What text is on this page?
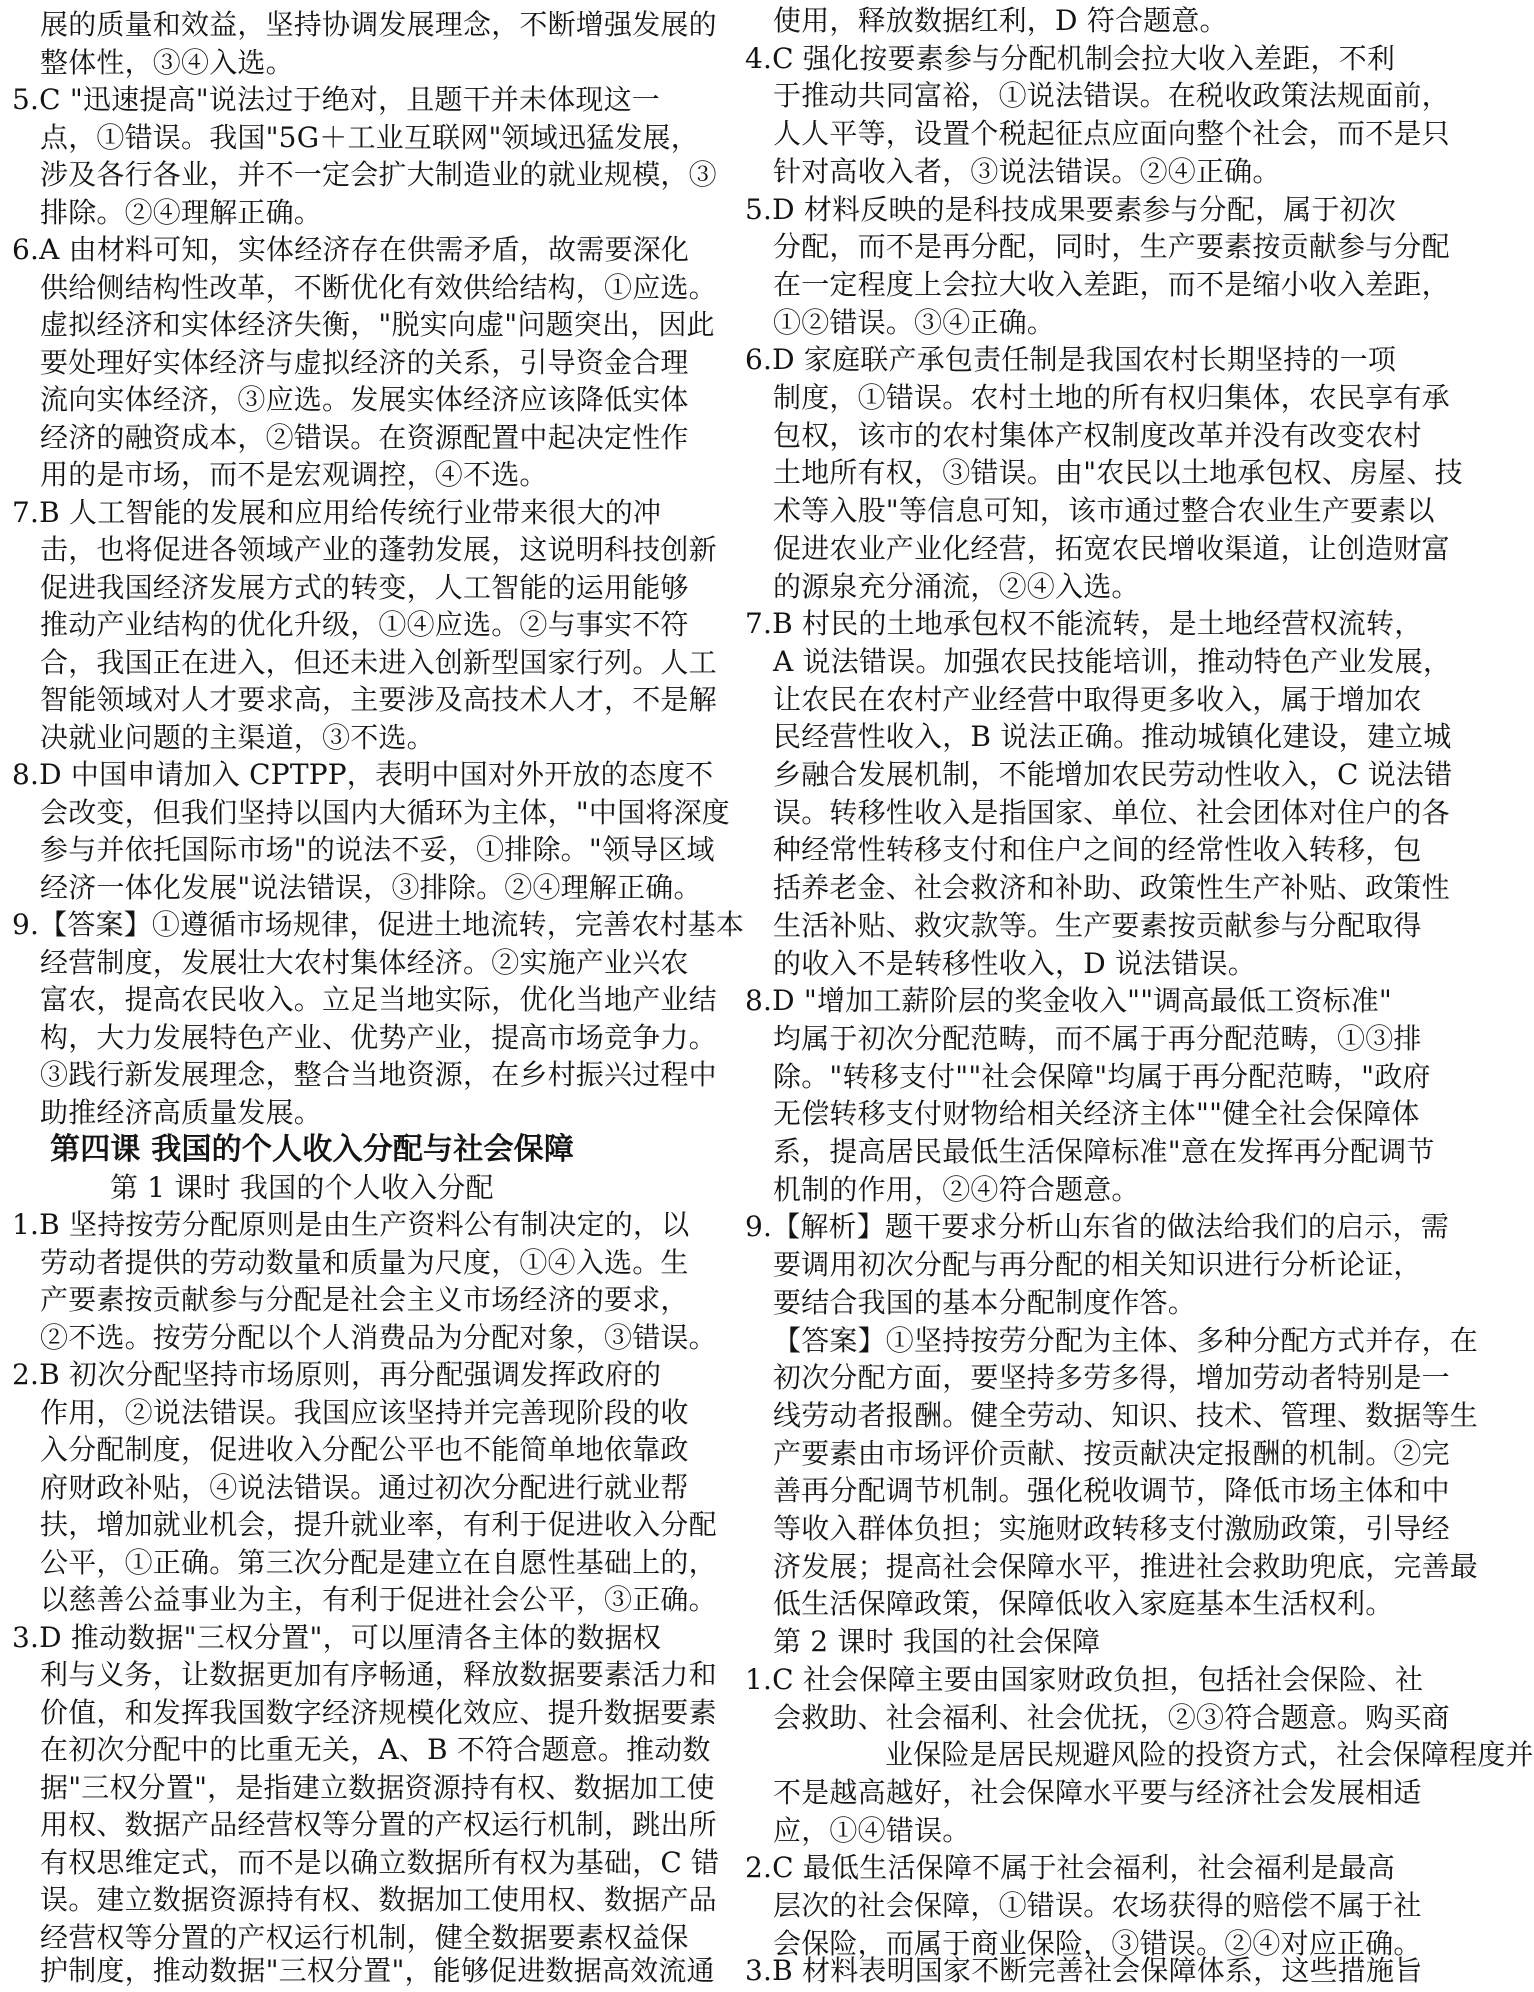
​
​
展的质量和效益，坚持协调发展理念，不断增强发展的
整体性，③④入选。
5.C "迅速提高"说法过于绝对，且题干并未体现这一
点，①错误。我国"5G＋工业互联网"领域迅猛发展，
涉及各行各业，并不一定会扩大制造业的就业规模，③
排除。②④理解正确。
6.A 由材料可知，实体经济存在供需矛盾，故需要深化
供给侧结构性改革，不断优化有效供给结构，①应选。
虚拟经济和实体经济失衡，"脱实向虚"问题突出，因此
要处理好实体经济与虚拟经济的关系，引导资金合理
流向实体经济，③应选。发展实体经济应该降低实体
经济的融资成本，②错误。在资源配置中起决定性作
用的是市场，而不是宏观调控，④不选。
7.B 人工智能的发展和应用给传统行业带来很大的冲
击，也将促进各领域产业的蓬勃发展，这说明科技创新
促进我国经济发展方式的转变，人工智能的运用能够
推动产业结构的优化升级，①④应选。②与事实不符
合，我国正在进入，但还未进入创新型国家行列。人工
智能领域对人才要求高，主要涉及高技术人才，不是解
决就业问题的主渠道，③不选。
8.D 中国申请加入 CPTPP，表明中国对外开放的态度不
会改变，但我们坚持以国内大循环为主体，"中国将深度
参与并依托国际市场"的说法不妥，①排除。"领导区域
经济一体化发展"说法错误，③排除。②④理解正确。
9.【答案】①遵循市场规律，促进土地流转，完善农村基本
经营制度，发展壮大农村集体经济。②实施产业兴农
富农，提高农民收入。立足当地实际，优化当地产业结
构，大力发展特色产业、优势产业，提高市场竞争力。
③践行新发展理念，整合当地资源，在乡村振兴过程中
助推经济高质量发展。
第四课 我国的个人收入分配与社会保障
第 1 课时 我国的个人收入分配
1.B 坚持按劳分配原则是由生产资料公有制决定的，以
劳动者提供的劳动数量和质量为尺度，①④入选。生
产要素按贡献参与分配是社会主义市场经济的要求，
②不选。按劳分配以个人消费品为分配对象，③错误。
2.B 初次分配坚持市场原则，再分配强调发挥政府的
作用，②说法错误。我国应该坚持并完善现阶段的收
入分配制度，促进收入分配公平也不能简单地依靠政
府财政补贴，④说法错误。通过初次分配进行就业帮
扶，增加就业机会，提升就业率，有利于促进收入分配
公平，①正确。第三次分配是建立在自愿性基础上的，
以慈善公益事业为主，有利于促进社会公平，③正确。
3.D 推动数据"三权分置"，可以厘清各主体的数据权
利与义务，让数据更加有序畅通，释放数据要素活力和
价值，和发挥我国数字经济规模化效应、提升数据要素
在初次分配中的比重无关，A、B 不符合题意。推动数
据"三权分置"，是指建立数据资源持有权、数据加工使
用权、数据产品经营权等分置的产权运行机制，跳出所
有权思维定式，而不是以确立数据所有权为基础，C 错
误。建立数据资源持有权、数据加工使用权、数据产品
经营权等分置的产权运行机制，健全数据要素权益保
护制度，推动数据"三权分置"，能够促进数据高效流通
使用，释放数据红利，D 符合题意。
4.C 强化按要素参与分配机制会拉大收入差距，不利
于推动共同富裕，①说法错误。在税收政策法规面前，
人人平等，设置个税起征点应面向整个社会，而不是只
针对高收入者，③说法错误。②④正确。
5.D 材料反映的是科技成果要素参与分配，属于初次
分配，而不是再分配，同时，生产要素按贡献参与分配
在一定程度上会拉大收入差距，而不是缩小收入差距，
①②错误。③④正确。
6.D 家庭联产承包责任制是我国农村长期坚持的一项
制度，①错误。农村土地的所有权归集体，农民享有承
包权，该市的农村集体产权制度改革并没有改变农村
土地所有权，③错误。由"农民以土地承包权、房屋、技
术等入股"等信息可知，该市通过整合农业生产要素以
促进农业产业化经营，拓宽农民增收渠道，让创造财富
的源泉充分涌流，②④入选。
7.B 村民的土地承包权不能流转，是土地经营权流转，
A 说法错误。加强农民技能培训，推动特色产业发展，
让农民在农村产业经营中取得更多收入，属于增加农
民经营性收入，B 说法正确。推动城镇化建设，建立城
乡融合发展机制，不能增加农民劳动性收入，C 说法错
误。转移性收入是指国家、单位、社会团体对住户的各
种经常性转移支付和住户之间的经常性收入转移，包
括养老金、社会救济和补助、政策性生产补贴、政策性
生活补贴、救灾款等。生产要素按贡献参与分配取得
的收入不是转移性收入，D 说法错误。
8.D "增加工薪阶层的奖金收入""调高最低工资标准"
均属于初次分配范畴，而不属于再分配范畴，①③排
除。"转移支付""社会保障"均属于再分配范畴，"政府
无偿转移支付财物给相关经济主体""健全社会保障体
系，提高居民最低生活保障标准"意在发挥再分配调节
机制的作用，②④符合题意。
9.【解析】题干要求分析山东省的做法给我们的启示，需
要调用初次分配与再分配的相关知识进行分析论证，
要结合我国的基本分配制度作答。
【答案】①坚持按劳分配为主体、多种分配方式并存，在
初次分配方面，要坚持多劳多得，增加劳动者特别是一
线劳动者报酬。健全劳动、知识、技术、管理、数据等生
产要素由市场评价贡献、按贡献决定报酬的机制。②完
善再分配调节机制。强化税收调节，降低市场主体和中
等收入群体负担；实施财政转移支付激励政策，引导经
济发展；提高社会保障水平，推进社会救助兜底，完善最
低生活保障政策，保障低收入家庭基本生活权利。
第 2 课时 我国的社会保障
1.C 社会保障主要由国家财政负担，包括社会保险、社
会救助、社会福利、社会优抚，②③符合题意。购买商
业保险是居民规避风险的投资方式，社会保障程度并
不是越高越好，社会保障水平要与经济社会发展相适
应，①④错误。
2.C 最低生活保障不属于社会福利，社会福利是最高
层次的社会保障，①错误。农场获得的赔偿不属于社
会保险，而属于商业保险，③错误。②④对应正确。
3.B 材料表明国家不断完善社会保障体系，这些措施旨
